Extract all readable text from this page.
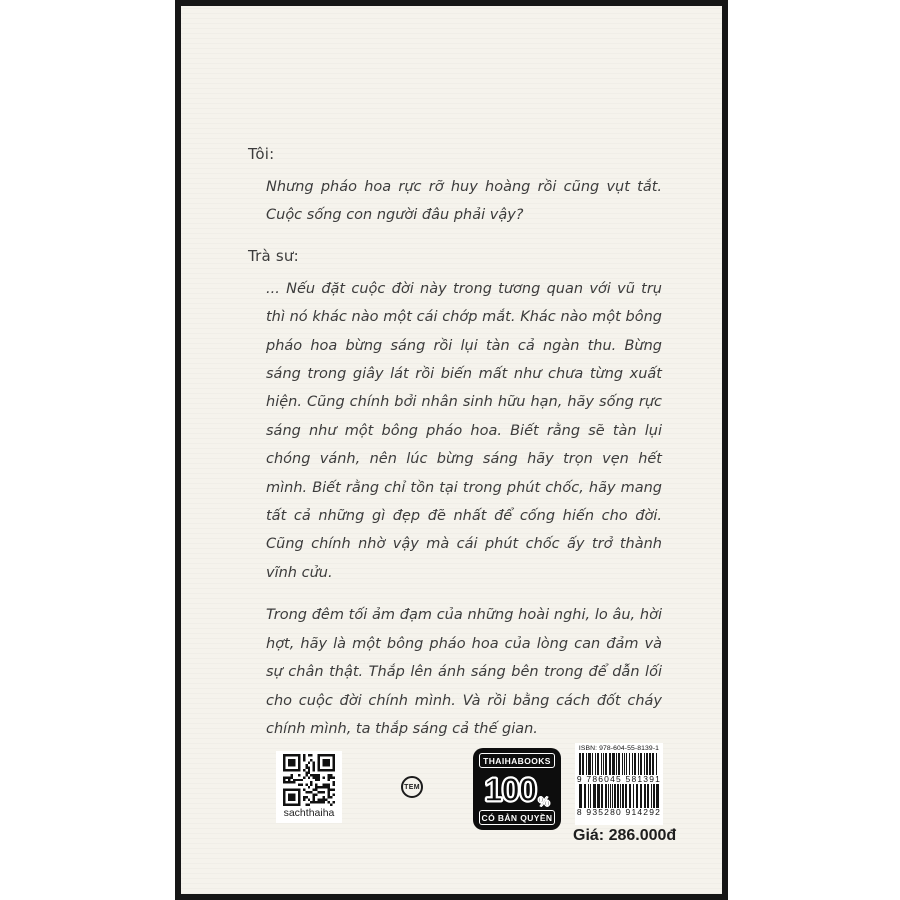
Tôi:

Nhưng pháo hoa rực rỡ huy hoàng rồi cũng vụt tắt. Cuộc sống con người đâu phải vậy?

Trà sư:

... Nếu đặt cuộc đời này trong tương quan với vũ trụ thì nó khác nào một cái chớp mắt. Khác nào một bông pháo hoa bừng sáng rồi lụi tàn cả ngàn thu. Bừng sáng trong giây lát rồi biến mất như chưa từng xuất hiện. Cũng chính bởi nhân sinh hữu hạn, hãy sống rực sáng như một bông pháo hoa. Biết rằng sẽ tàn lụi chóng vánh, nên lúc bừng sáng hãy trọn vẹn hết mình. Biết rằng chỉ tồn tại trong phút chốc, hãy mang tất cả những gì đẹp đẽ nhất để cống hiến cho đời. Cũng chính nhờ vậy mà cái phút chốc ấy trở thành vĩnh cửu.

Trong đêm tối ảm đạm của những hoài nghi, lo âu, hời hợt, hãy là một bông pháo hoa của lòng can đảm và sự chân thật. Thắp lên ánh sáng bên trong để dẫn lối cho cuộc đời chính mình. Và rồi bằng cách đốt cháy chính mình, ta thắp sáng cả thế gian.

sachthaiha
TEM
THAIHABOOKS
100 %
CÓ BẢN QUYỀN
ISBN: 978-604-55-8139-1
9 786045 581391
8 935280 914292
Giá: 286.000đ
